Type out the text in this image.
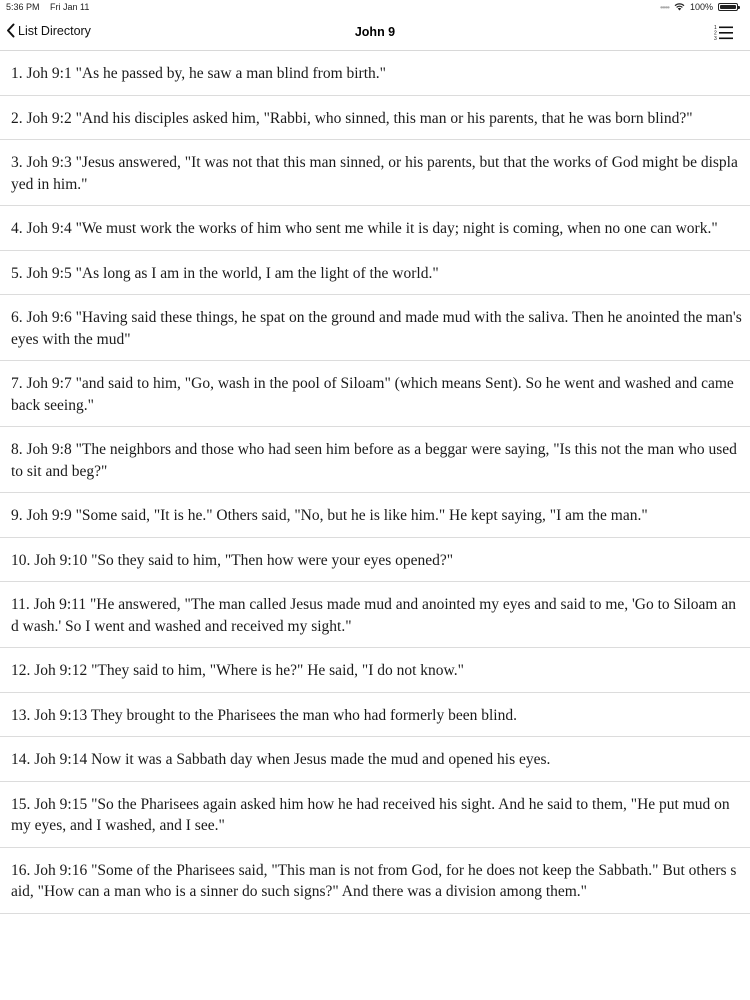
5:36 PM Fri Jan 11	••••• 100%
List Directory	John 9	1
2
3
1. Joh 9:1 "As he passed by, he saw a man blind from birth."
2. Joh 9:2 "And his disciples asked him, "Rabbi, who sinned, this man or his parents, that he was born blind?"
3. Joh 9:3 "Jesus answered, "It was not that this man sinned, or his parents, but that the works of God might be displayed in him."
4. Joh 9:4 "We must work the works of him who sent me while it is day; night is coming, when no one can work."
5. Joh 9:5 "As long as I am in the world, I am the light of the world."
6. Joh 9:6 "Having said these things, he spat on the ground and made mud with the saliva. Then he anointed the man's eyes with the mud"
7. Joh 9:7 "and said to him, "Go, wash in the pool of Siloam" (which means Sent). So he went and washed and came back seeing."
8. Joh 9:8 "The neighbors and those who had seen him before as a beggar were saying, "Is this not the man who used to sit and beg?"
9. Joh 9:9 "Some said, "It is he." Others said, "No, but he is like him." He kept saying, "I am the man."
10. Joh 9:10 "So they said to him, "Then how were your eyes opened?"
11. Joh 9:11 "He answered, "The man called Jesus made mud and anointed my eyes and said to me, 'Go to Siloam and wash.' So I went and washed and received my sight."
12. Joh 9:12 "They said to him, "Where is he?" He said, "I do not know."
13. Joh 9:13 They brought to the Pharisees the man who had formerly been blind.
14. Joh 9:14 Now it was a Sabbath day when Jesus made the mud and opened his eyes.
15. Joh 9:15 "So the Pharisees again asked him how he had received his sight. And he said to them, "He put mud on my eyes, and I washed, and I see."
16. Joh 9:16 "Some of the Pharisees said, "This man is not from God, for he does not keep the Sabbath." But others said, "How can a man who is a sinner do such signs?" And there was a division among them."
